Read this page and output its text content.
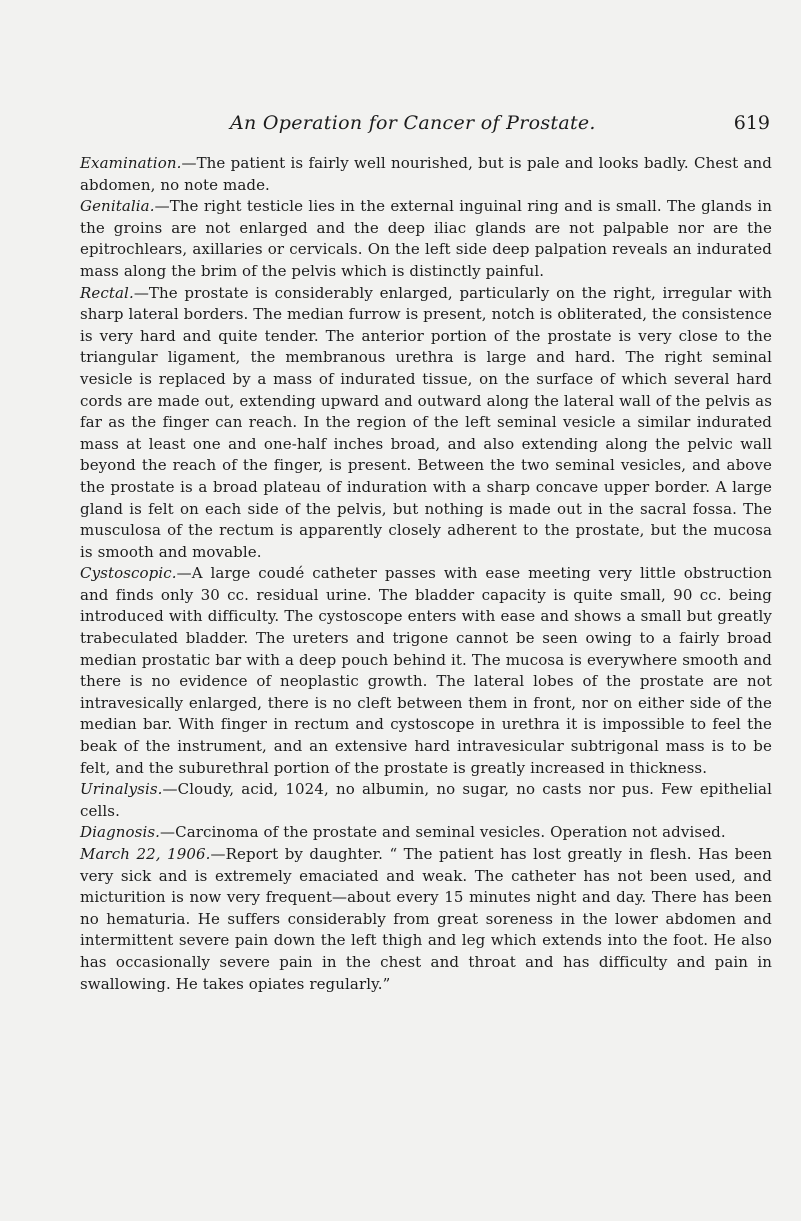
An Operation for Cancer of Prostate.	619

Examination.—The patient is fairly well nourished, but is pale and looks badly. Chest and abdomen, no note made.

Genitalia.—The right testicle lies in the external inguinal ring and is small. The glands in the groins are not enlarged and the deep iliac glands are not palpable nor are the epitrochlears, axillaries or cervicals. On the left side deep palpation reveals an indurated mass along the brim of the pelvis which is distinctly painful.

Rectal.—The prostate is considerably enlarged, particularly on the right, irregular with sharp lateral borders. The median furrow is present, notch is obliterated, the consistence is very hard and quite tender. The anterior portion of the prostate is very close to the triangular ligament, the membranous urethra is large and hard. The right seminal vesicle is replaced by a mass of indurated tissue, on the surface of which several hard cords are made out, extending upward and outward along the lateral wall of the pelvis as far as the finger can reach. In the region of the left seminal vesicle a similar indurated mass at least one and one-half inches broad, and also extending along the pelvic wall beyond the reach of the finger, is present. Between the two seminal vesicles, and above the prostate is a broad plateau of induration with a sharp concave upper border. A large gland is felt on each side of the pelvis, but nothing is made out in the sacral fossa. The musculosa of the rectum is apparently closely adherent to the prostate, but the mucosa is smooth and movable.

Cystoscopic.—A large coudé catheter passes with ease meeting very little obstruction and finds only 30 cc. residual urine. The bladder capacity is quite small, 90 cc. being introduced with difficulty. The cystoscope enters with ease and shows a small but greatly trabeculated bladder. The ureters and trigone cannot be seen owing to a fairly broad median prostatic bar with a deep pouch behind it. The mucosa is everywhere smooth and there is no evidence of neoplastic growth. The lateral lobes of the prostate are not intravesically enlarged, there is no cleft between them in front, nor on either side of the median bar. With finger in rectum and cystoscope in urethra it is impossible to feel the beak of the instrument, and an extensive hard intravesicular subtrigonal mass is to be felt, and the suburethral portion of the prostate is greatly increased in thickness.

Urinalysis.—Cloudy, acid, 1024, no albumin, no sugar, no casts nor pus. Few epithelial cells.

Diagnosis.—Carcinoma of the prostate and seminal vesicles. Operation not advised.

March 22, 1906.—Report by daughter. “ The patient has lost greatly in flesh. Has been very sick and is extremely emaciated and weak. The catheter has not been used, and micturition is now very frequent—about every 15 minutes night and day. There has been no hematuria. He suffers considerably from great soreness in the lower abdomen and intermittent severe pain down the left thigh and leg which extends into the foot. He also has occasionally severe pain in the chest and throat and has difficulty and pain in swallowing. He takes opiates regularly.”
